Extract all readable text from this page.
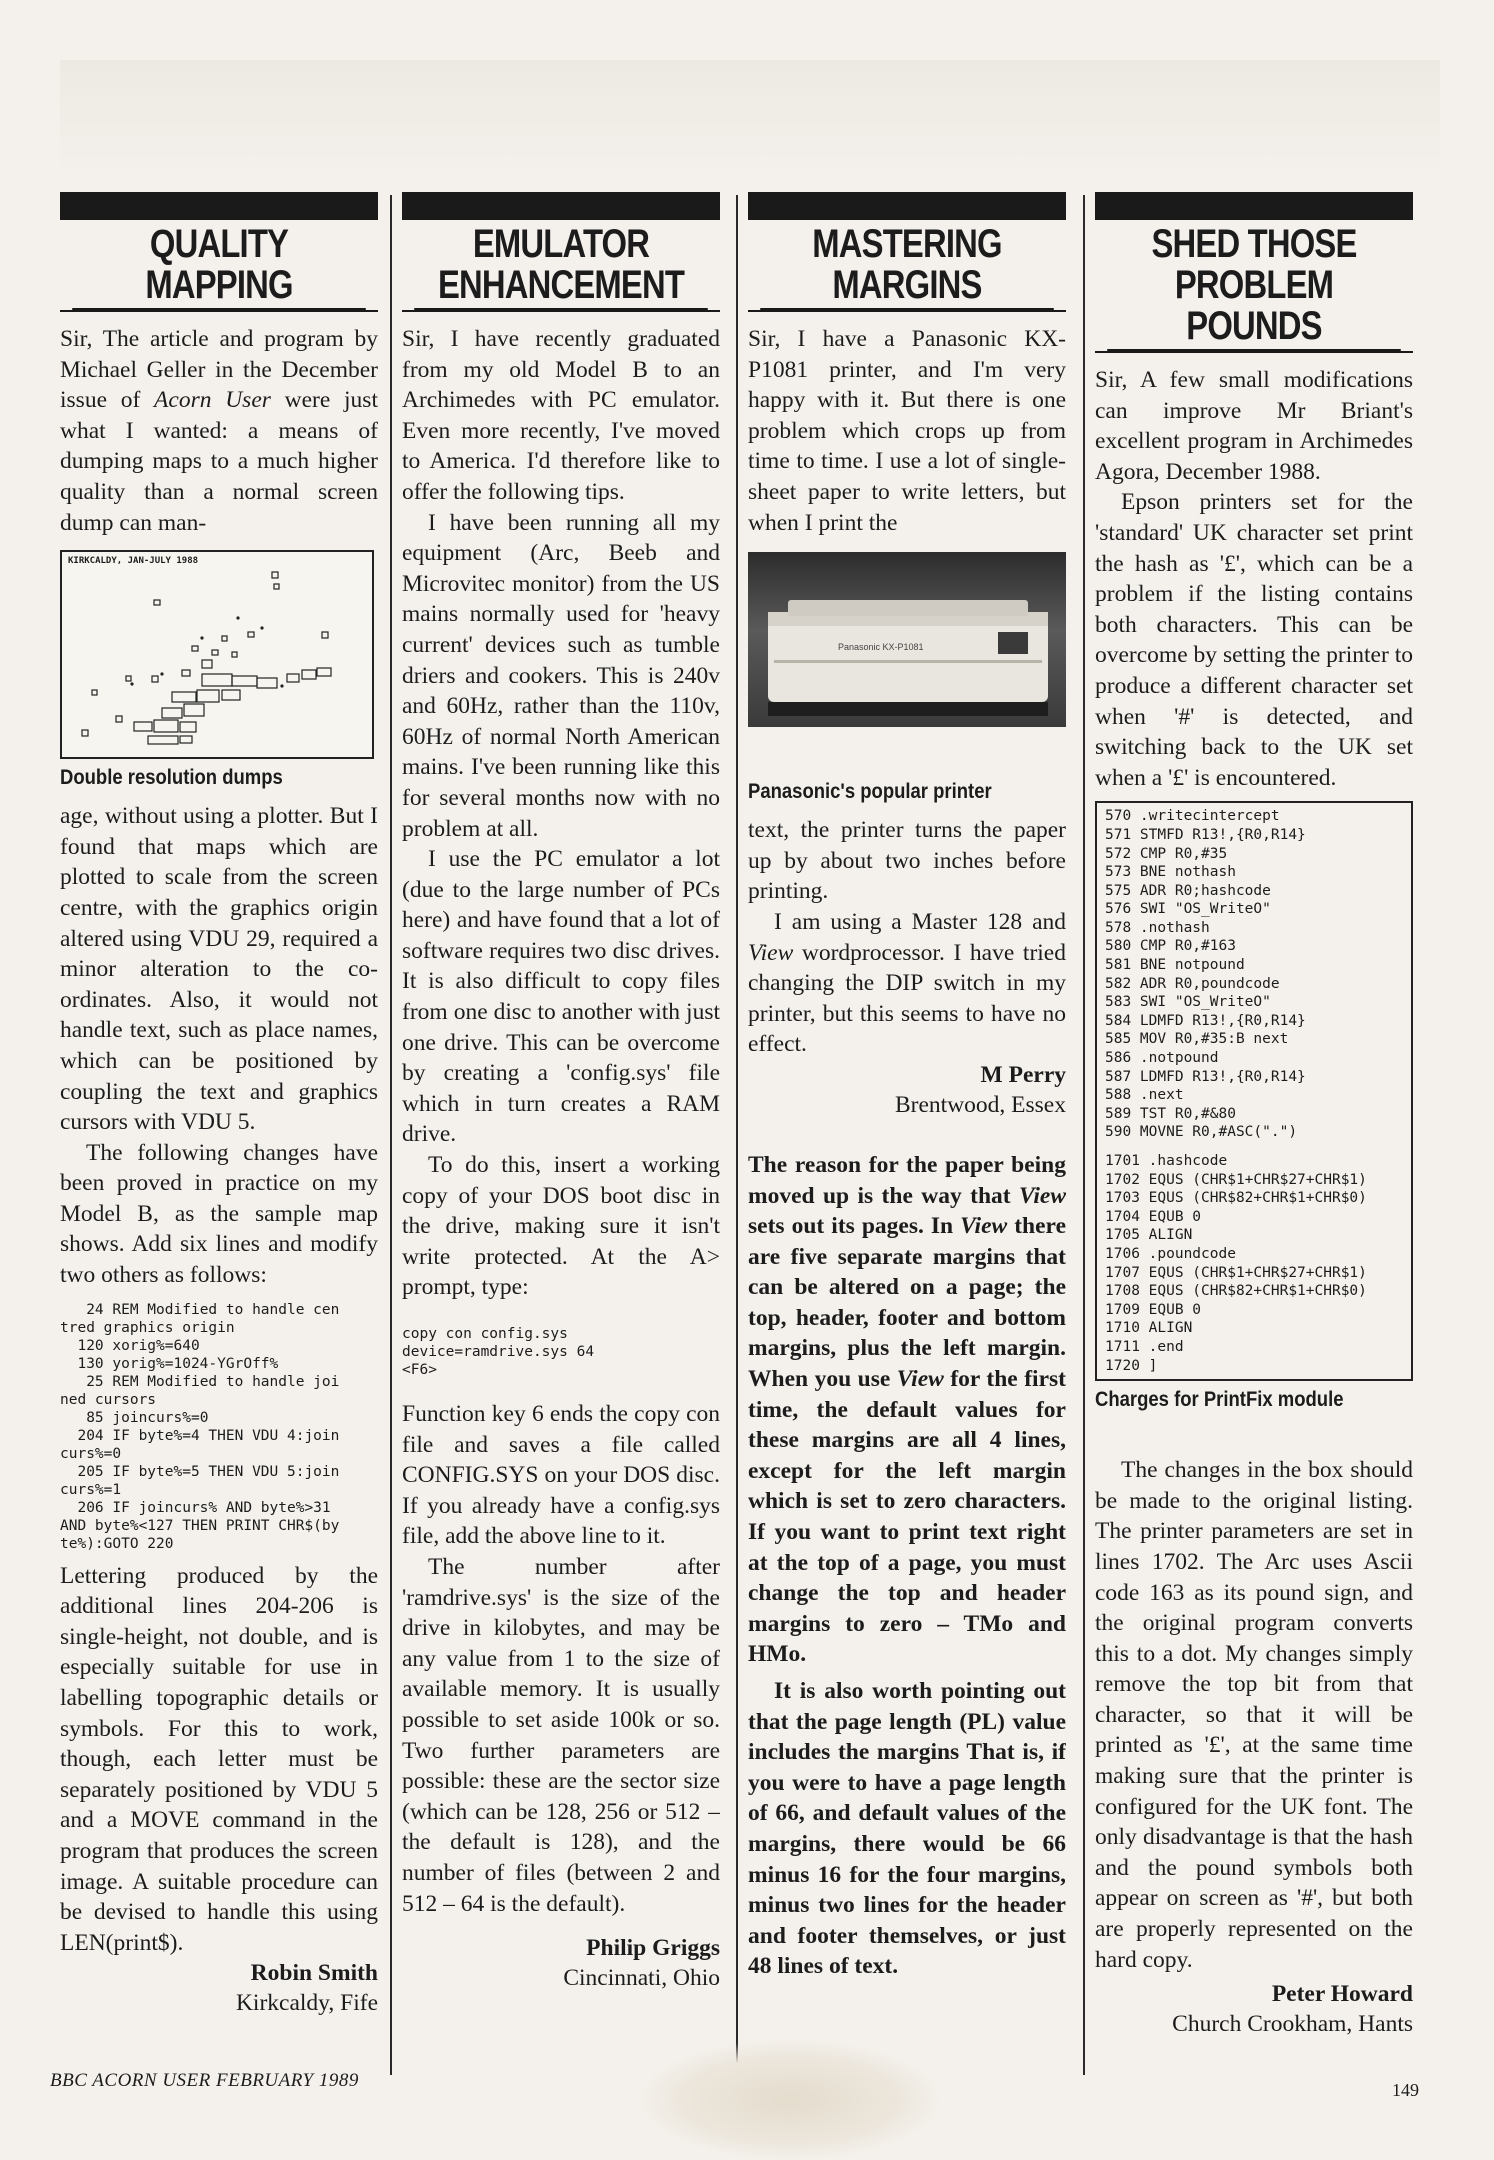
QUALITY
MAPPING

Sir, The article and program by Michael Geller in the December issue of Acorn User were just what I wanted: a means of dumping maps to a much higher quality than a normal screen dump can man-

KIRKCALDY, JAN-JULY 1988
Double resolution dumps

age, without using a plotter. But I found that maps which are plotted to scale from the screen centre, with the graphics origin altered using VDU 29, required a minor alteration to the co-ordinates. Also, it would not handle text, such as place names, which can be positioned by coupling the text and graphics cursors with VDU 5.

The following changes have been proved in practice on my Model B, as the sample map shows. Add six lines and modify two others as follows:

24 REM Modified to handle cen
tred graphics origin
120 xorig%=640
130 yorig%=1024-YGrOff%
25 REM Modified to handle joi
ned cursors
85 joincurs%=0
204 IF byte%=4 THEN VDU 4:join
curs%=0
205 IF byte%=5 THEN VDU 5:join
curs%=1
206 IF joincurs% AND byte%>31
AND byte%<127 THEN PRINT CHR$(by
te%):GOTO 220

Lettering produced by the additional lines 204-206 is single-height, not double, and is especially suitable for use in labelling topographic details or symbols. For this to work, though, each letter must be separately positioned by VDU 5 and a MOVE command in the program that produces the screen image. A suitable procedure can be devised to handle this using LEN(print$).

Robin Smith
Kirkcaldy, Fife
EMULATOR
ENHANCEMENT

Sir, I have recently graduated from my old Model B to an Archimedes with PC emulator. Even more recently, I've moved to America. I'd therefore like to offer the following tips.

I have been running all my equipment (Arc, Beeb and Microvitec monitor) from the US mains normally used for 'heavy current' devices such as tumble driers and cookers. This is 240v and 60Hz, rather than the 110v, 60Hz of normal North American mains. I've been running like this for several months now with no problem at all.

I use the PC emulator a lot (due to the large number of PCs here) and have found that a lot of software requires two disc drives. It is also difficult to copy files from one disc to another with just one drive. This can be overcome by creating a 'config.sys' file which in turn creates a RAM drive.

To do this, insert a working copy of your DOS boot disc in the drive, making sure it isn't write protected. At the A> prompt, type:

copy con config.sys
device=ramdrive.sys 64
<F6>

Function key 6 ends the copy con file and saves a file called CONFIG.SYS on your DOS disc. If you already have a config.sys file, add the above line to it.

The number after 'ramdrive.sys' is the size of the drive in kilobytes, and may be any value from 1 to the size of available memory. It is usually possible to set aside 100k or so. Two further parameters are possible: these are the sector size (which can be 128, 256 or 512 – the default is 128), and the number of files (between 2 and 512 – 64 is the default).

Philip Griggs
Cincinnati, Ohio
MASTERING
MARGINS

Sir, I have a Panasonic KX-P1081 printer, and I'm very happy with it. But there is one problem which crops up from time to time. I use a lot of single-sheet paper to write letters, but when I print the

Panasonic KX-P1081
Panasonic's popular printer

text, the printer turns the paper up by about two inches before printing.

I am using a Master 128 and View wordprocessor. I have tried changing the DIP switch in my printer, but this seems to have no effect.

M Perry
Brentwood, Essex

The reason for the paper being moved up is the way that View sets out its pages. In View there are five separate margins that can be altered on a page; the top, header, footer and bottom margins, plus the left margin. When you use View for the first time, the default values for these margins are all 4 lines, except for the left margin which is set to zero characters. If you want to print text right at the top of a page, you must change the top and header margins to zero – TMo and HMo.

It is also worth pointing out that the page length (PL) value includes the margins That is, if you were to have a page length of 66, and default values of the margins, there would be 66 minus 16 for the four margins, minus two lines for the header and footer themselves, or just 48 lines of text.

SHED THOSE
PROBLEM POUNDS

Sir, A few small modifications can improve Mr Briant's excellent program in Archimedes Agora, December 1988.

Epson printers set for the 'standard' UK character set print the hash as '£', which can be a problem if the listing contains both characters. This can be overcome by setting the printer to produce a different character set when '#' is detected, and switching back to the UK set when a '£' is encountered.

570 .writecintercept
571 STMFD R13!,{R0,R14}
572 CMP R0,#35
573 BNE nothash
575 ADR R0;hashcode
576 SWI "OS_WriteO"
578 .nothash
580 CMP R0,#163
581 BNE notpound
582 ADR R0,poundcode
583 SWI "OS_WriteO"
584 LDMFD R13!,{R0,R14}
585 MOV R0,#35:B next
586 .notpound
587 LDMFD R13!,{R0,R14}
588 .next
589 TST R0,#&80
590 MOVNE R0,#ASC(".")
1701 .hashcode
1702 EQUS (CHR$1+CHR$27+CHR$1)
1703 EQUS (CHR$82+CHR$1+CHR$0)
1704 EQUB 0
1705 ALIGN
1706 .poundcode
1707 EQUS (CHR$1+CHR$27+CHR$1)
1708 EQUS (CHR$82+CHR$1+CHR$0)
1709 EQUB 0
1710 ALIGN
1711 .end
1720 ]
Charges for PrintFix module

The changes in the box should be made to the original listing. The printer parameters are set in lines 1702. The Arc uses Ascii code 163 as its pound sign, and the original program converts this to a dot. My changes simply remove the top bit from that character, so that it will be printed as '£', at the same time making sure that the printer is configured for the UK font. The only disadvantage is that the hash and the pound symbols both appear on screen as '#', but both are properly represented on the hard copy.

Peter Howard
Church Crookham, Hants
BBC ACORN USER FEBRUARY 1989	149
